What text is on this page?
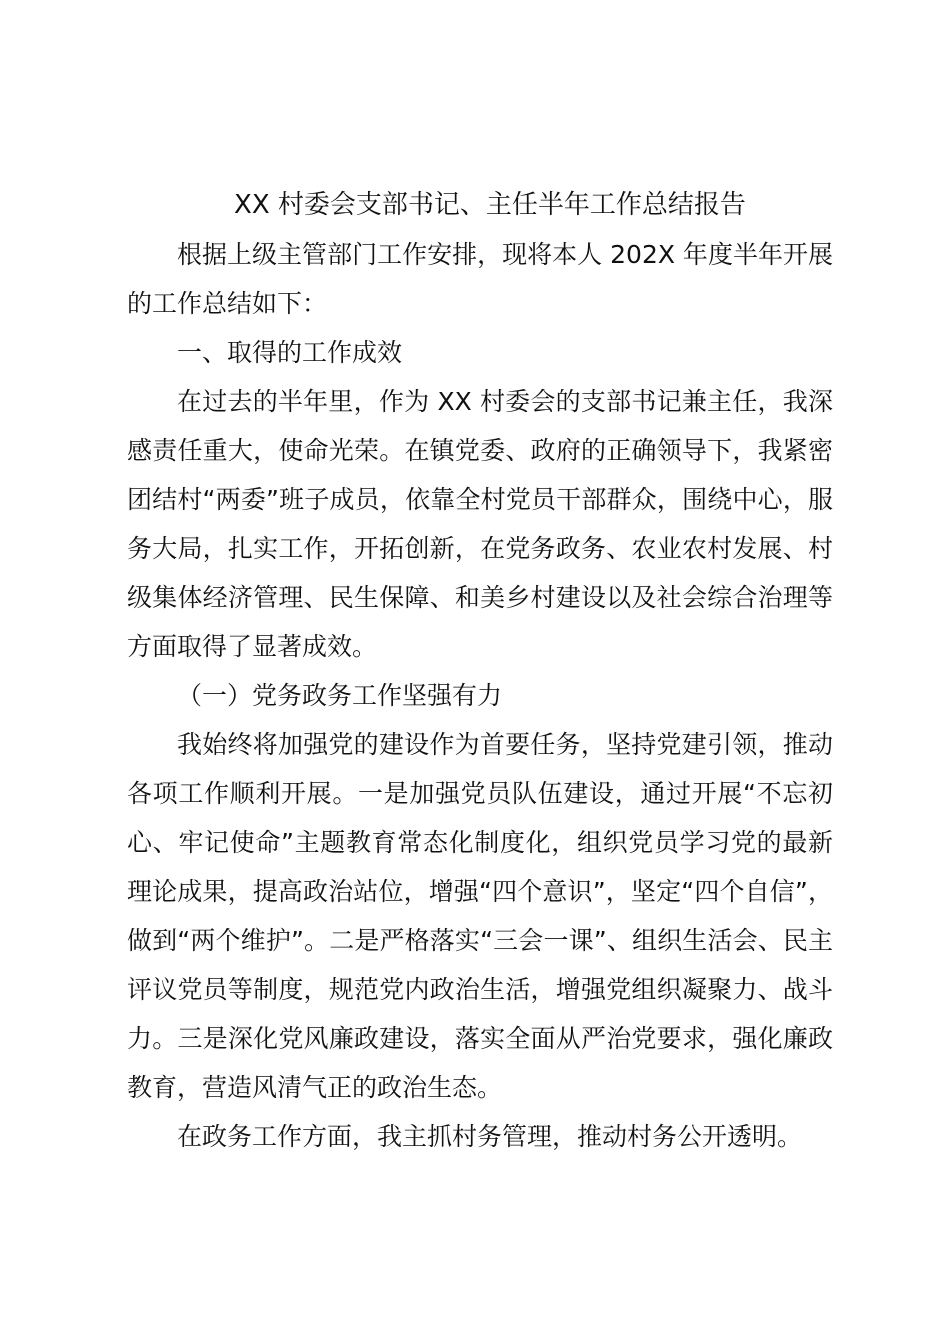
XX 村委会支部书记、主任半年工作总结报告

根据上级主管部门工作安排，现将本人 202X 年度半年开展的工作总结如下：

一、取得的工作成效

在过去的半年里，作为 XX 村委会的支部书记兼主任，我深感责任重大，使命光荣。在镇党委、政府的正确领导下，我紧密团结村“两委”班子成员，依靠全村党员干部群众，围绕中心，服务大局，扎实工作，开拓创新，在党务政务、农业农村发展、村级集体经济管理、民生保障、和美乡村建设以及社会综合治理等方面取得了显著成效。

（一）党务政务工作坚强有力

我始终将加强党的建设作为首要任务，坚持党建引领，推动各项工作顺利开展。一是加强党员队伍建设，通过开展“不忘初心、牢记使命”主题教育常态化制度化，组织党员学习党的最新理论成果，提高政治站位，增强“四个意识”，坚定“四个自信”，做到“两个维护”。二是严格落实“三会一课”、组织生活会、民主评议党员等制度，规范党内政治生活，增强党组织凝聚力、战斗力。三是深化党风廉政建设，落实全面从严治党要求，强化廉政教育，营造风清气正的政治生态。

在政务工作方面，我主抓村务管理，推动村务公开透明。
